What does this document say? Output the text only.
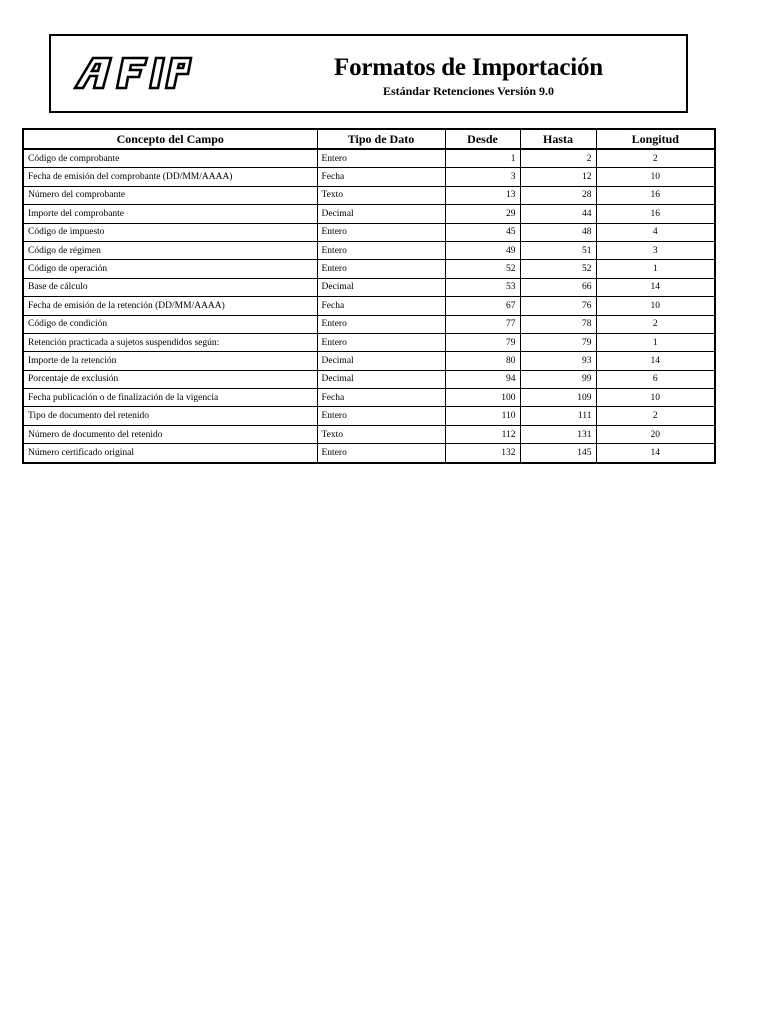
Formatos de Importación
Estándar Retenciones Versión 9.0
Concepto del Campo	Tipo de Dato	Desde	Hasta	Longitud
Código de comprobante	Entero	1	2	2
Fecha de emisión del comprobante (DD/MM/AAAA)	Fecha	3	12	10
Número del comprobante	Texto	13	28	16
Importe del comprobante	Decimal	29	44	16
Código de impuesto	Entero	45	48	4
Código de régimen	Entero	49	51	3
Código de operación	Entero	52	52	1
Base de cálculo	Decimal	53	66	14
Fecha de emisión de la retención (DD/MM/AAAA)	Fecha	67	76	10
Código de condición	Entero	77	78	2
Retención practicada a sujetos suspendidos según:	Entero	79	79	1
Importe de la retención	Decimal	80	93	14
Porcentaje de exclusión	Decimal	94	99	6
Fecha publicación o de finalización de la vigencia	Fecha	100	109	10
Tipo de documento del retenido	Entero	110	111	2
Número de documento del retenido	Texto	112	131	20
Número certificado original	Entero	132	145	14
